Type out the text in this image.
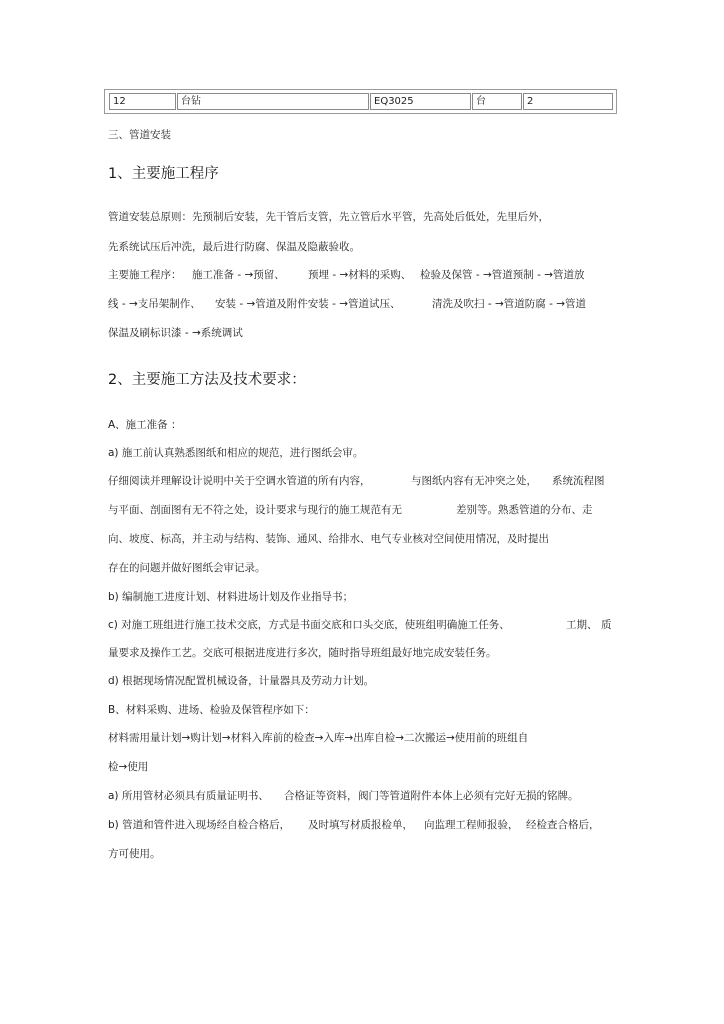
12	台钻	EQ3025	台	2
三、管道安装
1、主要施工程序
管道安装总原则：先预制后安装，先干管后支管，先立管后水平管，先高处后低处，先里后外，
先系统试压后冲洗，最后进行防腐、保温及隐蔽验收。
主要施工程序： 施工准备 - →预留、 预埋 - →材料的采购、 检验及保管 - →管道预制 - →管道放
线 - →支吊架制作、 安装 - →管道及附件安装 - →管道试压、	清洗及吹扫 - →管道防腐 - →管道
保温及刷标识漆 - →系统调试
2、主要施工方法及技术要求：
A、施工准备 ：
a) 施工前认真熟悉图纸和相应的规范，进行图纸会审。
仔细阅读并理解设计说明中关于空调水管道的所有内容，	与图纸内容有无冲突之处， 系统流程图
与平面、剖面图有无不符之处，设计要求与现行的施工规范有无	差别等。熟悉管道的分布、走
向、坡度、标高，并主动与结构、装饰、通风、给排水、电气专业核对空间使用情况，及时提出
存在的问题并做好图纸会审记录。
b) 编制施工进度计划、材料进场计划及作业指导书；
c) 对施工班组进行施工技术交底，方式是书面交底和口头交底，使班组明确施工任务、	工期、 质
量要求及操作工艺。交底可根据进度进行多次，随时指导班组最好地完成安装任务。
d) 根据现场情况配置机械设备，计量器具及劳动力计划。
B、材料采购、进场、检验及保管程序如下：
材料需用量计划→购计划→材料入库前的检查→入库→出库自检→二次搬运→使用前的班组自
检→使用
a) 所用管材必须具有质量证明书、 合格证等资料， 阀门等管道附件本体上必须有完好无损的铭牌。
b) 管道和管件进入现场经自检合格后， 及时填写材质报检单， 向监理工程师报验， 经检查合格后，
方可使用。
